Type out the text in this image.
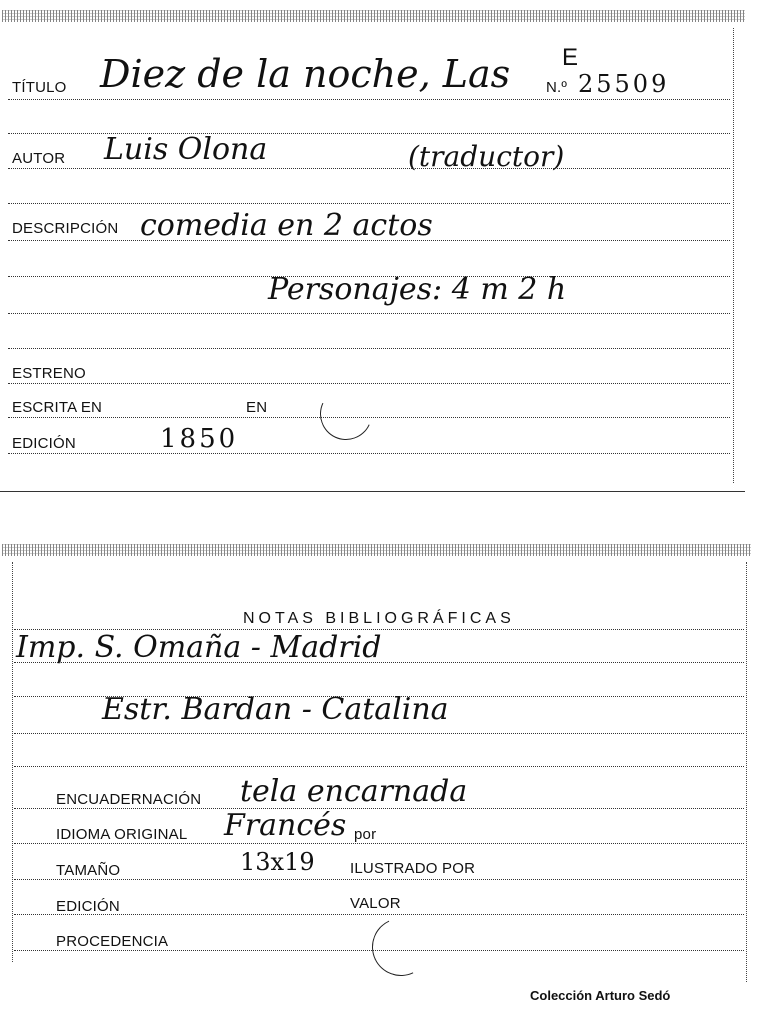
E
TÍTULO Diez de la noche, Las N.º 25509
AUTOR Luis Olona	(traductor)
DESCRIPCIÓN comedia en 2 actos
Personajes: 4 m 2 h
ESTRENO
ESCRITA EN	EN
EDICIÓN	1850
NOTAS BIBLIOGRÁFICAS
Imp. S. Omaña - Madrid
Estr. Bardan - Catalina
ENCUADERNACIÓN tela encarnada
IDIOMA ORIGINAL Francés por
TAMAÑO	13x19 ILUSTRADO POR
EDICIÓN	VALOR
PROCEDENCIA
Colección Arturo Sedó
